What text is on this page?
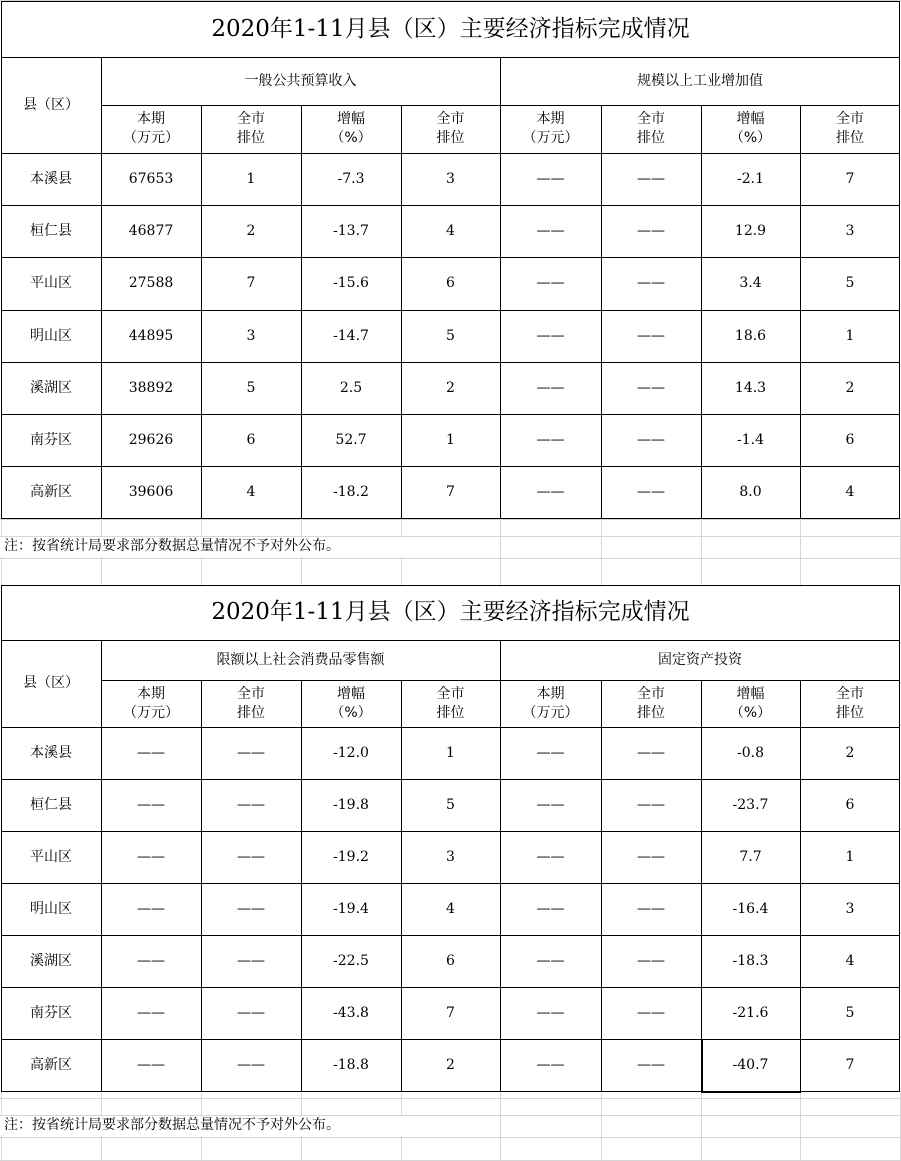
2020年1-11月县（区）主要经济指标完成情况
县（区）
一般公共预算收入	规模以上工业增加值
本期
（万元）
全市
排位
增幅
（%）
全市
排位
本期
（万元）
全市
排位
增幅
（%）
全市
排位
本溪县	67653	1	-7.3	3	——	——	-2.1	7
桓仁县	46877	2	-13.7	4	——	——	12.9	3
平山区	27588	7	-15.6	6	——	——	3.4	5
明山区	44895	3	-14.7	5	——	——	18.6	1
溪湖区	38892	5	2.5	2	——	——	14.3	2
南芬区	29626	6	52.7	1	——	——	-1.4	6
高新区	39606	4	-18.2	7	——	——	8.0	4
注：按省统计局要求部分数据总量情况不予对外公布。
2020年1-11月县（区）主要经济指标完成情况
县（区）
限额以上社会消费品零售额	固定资产投资
本期
（万元）
全市
排位
增幅
（%）
全市
排位
本期
（万元）
全市
排位
增幅
（%）
全市
排位
本溪县	——	——	-12.0	1	——	——	-0.8	2
桓仁县	——	——	-19.8	5	——	——	-23.7	6
平山区	——	——	-19.2	3	——	——	7.7	1
明山区	——	——	-19.4	4	——	——	-16.4	3
溪湖区	——	——	-22.5	6	——	——	-18.3	4
南芬区	——	——	-43.8	7	——	——	-21.6	5
高新区	——	——	-18.8	2	——	——	-40.7	7
注：按省统计局要求部分数据总量情况不予对外公布。
